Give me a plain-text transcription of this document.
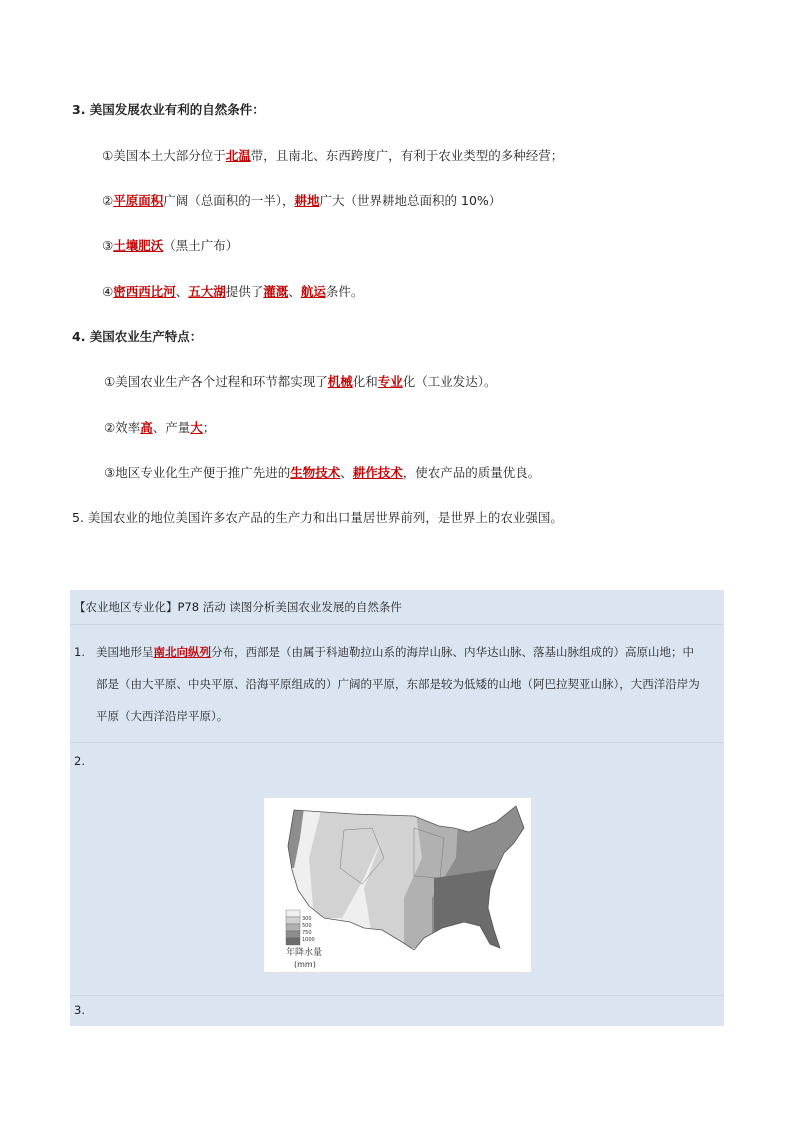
3. 美国发展农业有利的自然条件：
①美国本土大部分位于北温带，且南北、东西跨度广，有利于农业类型的多种经营；
②平原面积广阔（总面积的一半），耕地广大（世界耕地总面积的 10%）
③土壤肥沃（黑土广布）
④密西西比河、五大湖提供了灌溉、航运条件。
4. 美国农业生产特点：
①美国农业生产各个过程和环节都实现了机械化和专业化（工业发达）。
②效率高、产量大；
③地区专业化生产便于推广先进的生物技术、耕作技术，使农产品的质量优良。
5. 美国农业的地位美国许多农产品的生产力和出口量居世界前列，是世界上的农业强国。
【农业地区专业化】P78 活动 读图分析美国农业发展的自然条件
1. 美国地形呈南北向纵列分布，西部是（由属于科迪勒拉山系的海岸山脉、内华达山脉、落基山脉组成的）高原山地；中
部是（由大平原、中央平原、沿海平原组成的）广阔的平原，东部是较为低矮的山地（阿巴拉契亚山脉），大西洋沿岸为
平原（大西洋沿岸平原）。
2.
3.
300
500
750
1000
年降水量
(mm)
